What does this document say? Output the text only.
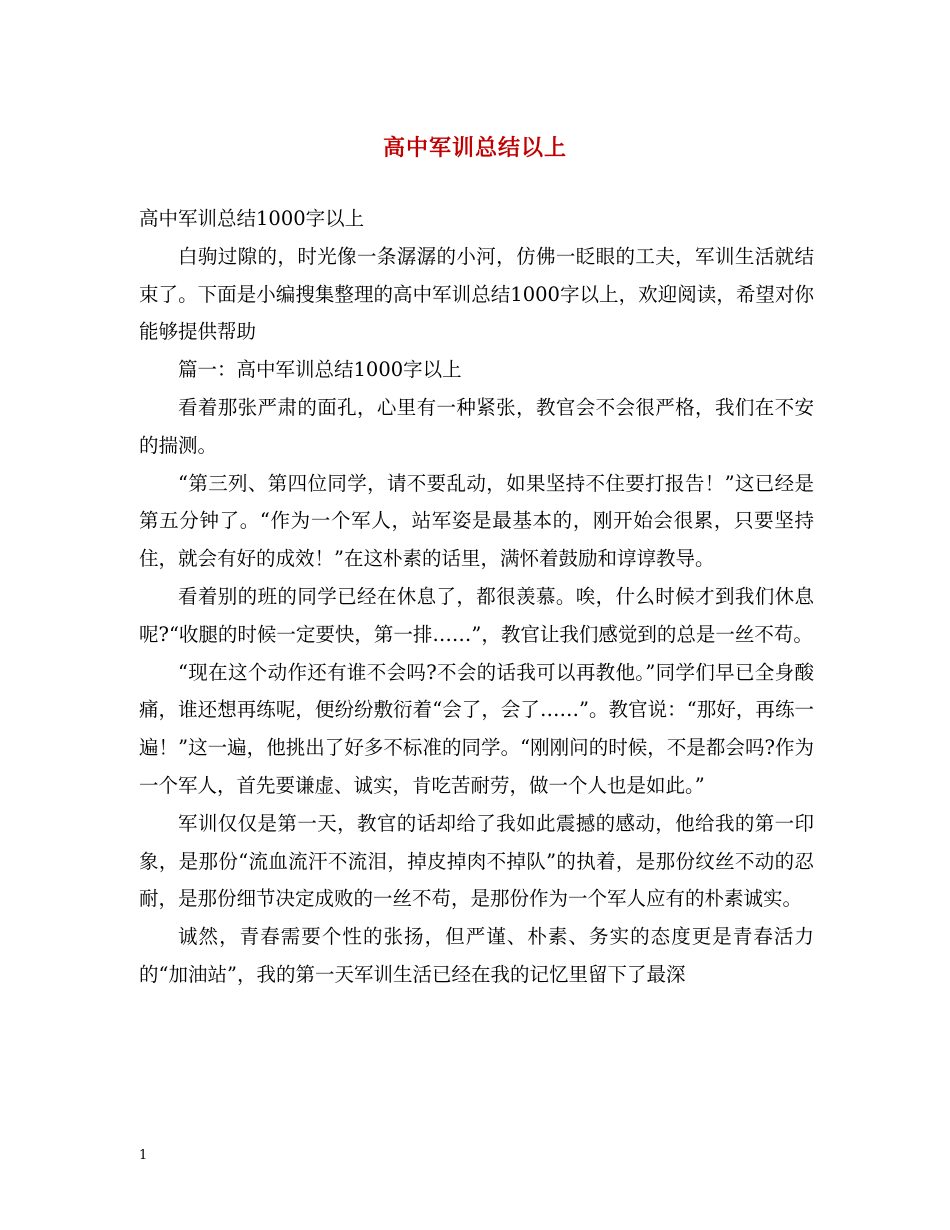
高中军训总结以上

高中军训总结1000字以上

白驹过隙的，时光像一条潺潺的小河，仿佛一眨眼的工夫，军训生活就结束了。下面是小编搜集整理的高中军训总结1000字以上，欢迎阅读，希望对你能够提供帮助

篇一：高中军训总结1000字以上

看着那张严肃的面孔，心里有一种紧张，教官会不会很严格，我们在不安的揣测。

“第三列、第四位同学，请不要乱动，如果坚持不住要打报告！”这已经是第五分钟了。“作为一个军人，站军姿是最基本的，刚开始会很累，只要坚持住，就会有好的成效！”在这朴素的话里，满怀着鼓励和谆谆教导。

看着别的班的同学已经在休息了，都很羡慕。唉，什么时候才到我们休息呢?“收腿的时候一定要快，第一排……”，教官让我们感觉到的总是一丝不苟。

“现在这个动作还有谁不会吗?不会的话我可以再教他。”同学们早已全身酸痛，谁还想再练呢，便纷纷敷衍着“会了，会了……”。教官说：“那好，再练一遍！”这一遍，他挑出了好多不标准的同学。“刚刚问的时候，不是都会吗?作为一个军人，首先要谦虚、诚实，肯吃苦耐劳，做一个人也是如此。”

军训仅仅是第一天，教官的话却给了我如此震撼的感动，他给我的第一印象，是那份“流血流汗不流泪，掉皮掉肉不掉队”的执着，是那份纹丝不动的忍耐，是那份细节决定成败的一丝不苟，是那份作为一个军人应有的朴素诚实。

诚然，青春需要个性的张扬，但严谨、朴素、务实的态度更是青春活力的“加油站”，我的第一天军训生活已经在我的记忆里留下了最深

1
